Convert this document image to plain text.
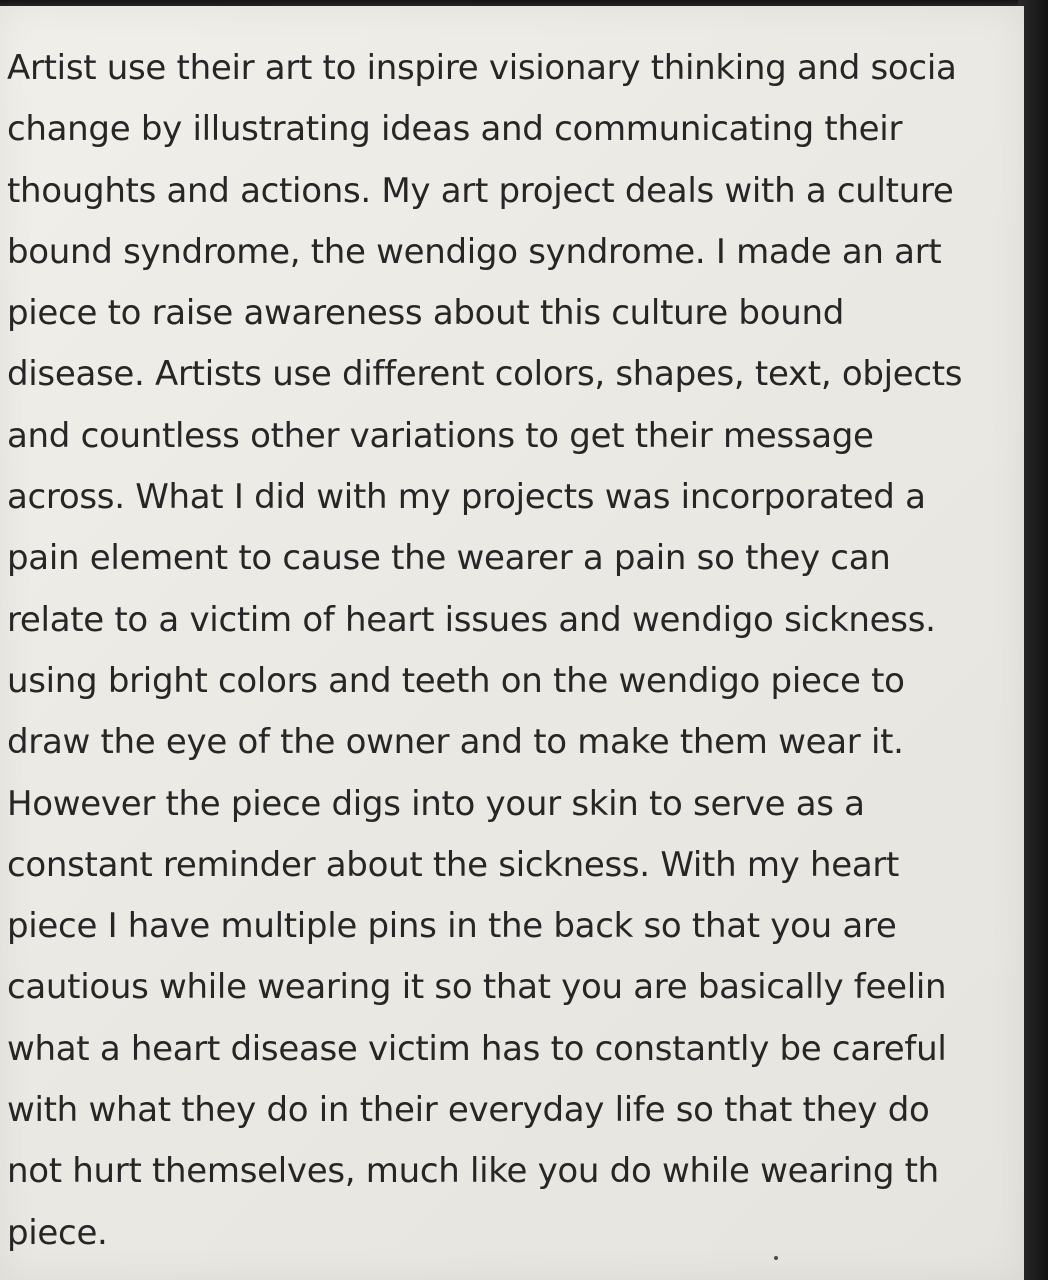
Artist use their art to inspire visionary thinking and socia
change by illustrating ideas and communicating their
thoughts and actions. My art project deals with a culture
bound syndrome, the wendigo syndrome. I made an art
piece to raise awareness about this culture bound
disease. Artists use different colors, shapes, text, objects
and countless other variations to get their message
across. What I did with my projects was incorporated a
pain element to cause the wearer a pain so they can
relate to a victim of heart issues and wendigo sickness.
using bright colors and teeth on the wendigo piece to
draw the eye of the owner and to make them wear it.
However the piece digs into your skin to serve as a
constant reminder about the sickness. With my heart
piece I have multiple pins in the back so that you are
cautious while wearing it so that you are basically feelin
what a heart disease victim has to constantly be careful
with what they do in their everyday life so that they do
not hurt themselves, much like you do while wearing th
piece.
